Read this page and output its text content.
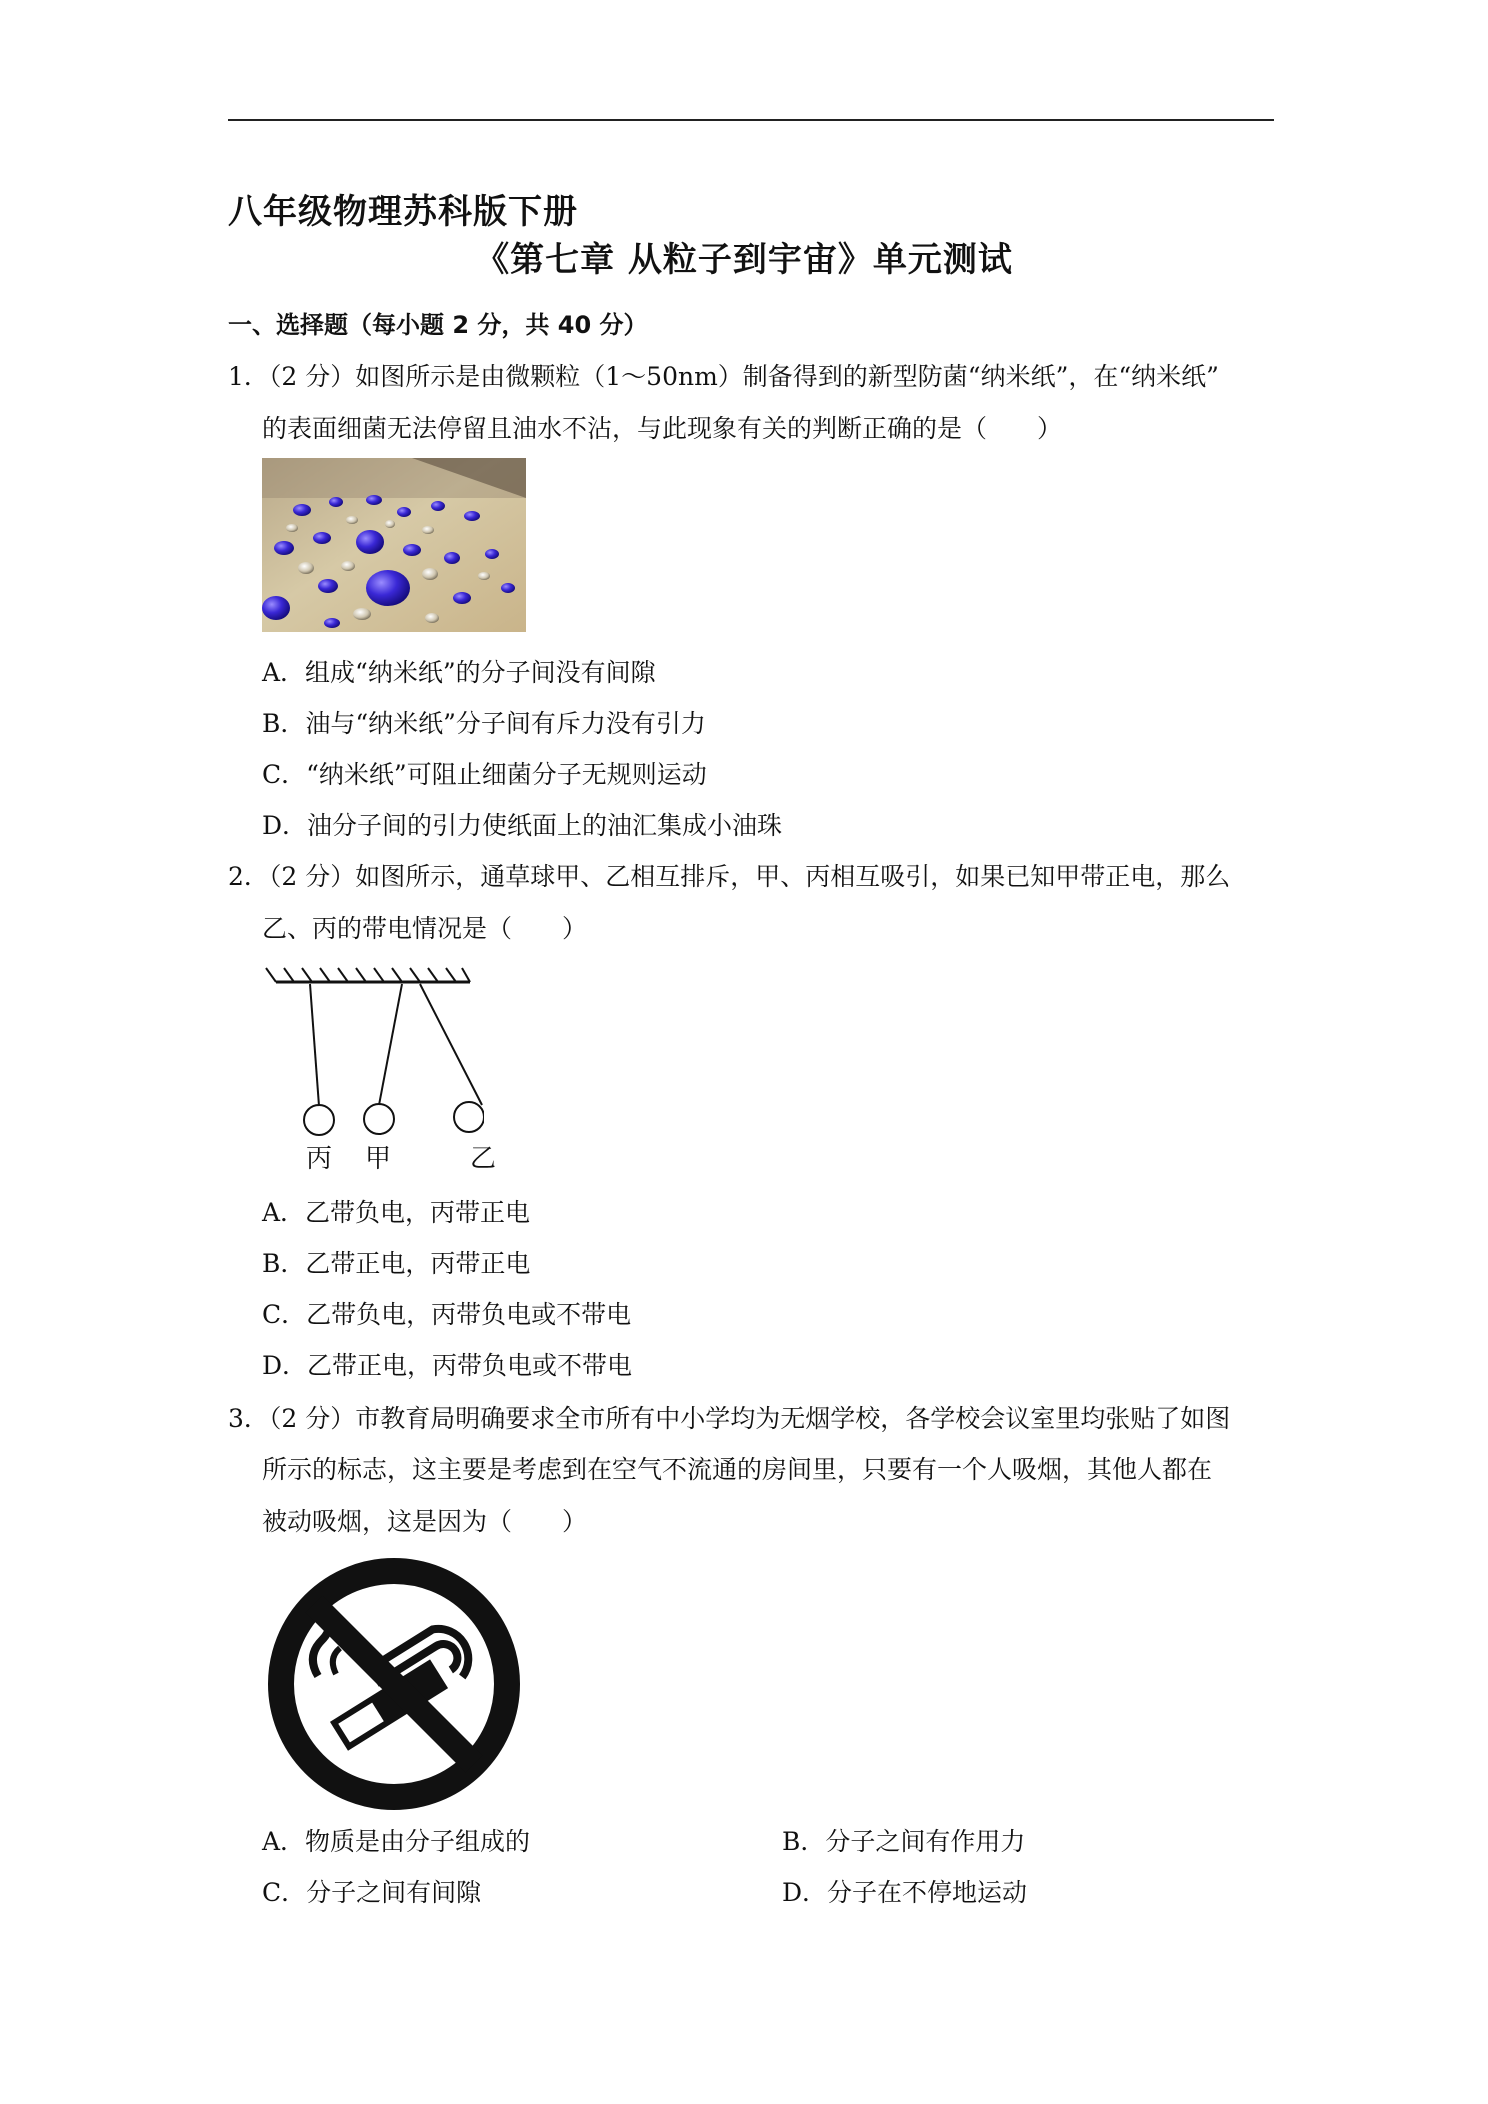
八年级物理苏科版下册
《第七章 从粒子到宇宙》单元测试
一、选择题（每小题 2 分，共 40 分）
1．（2 分）如图所示是由微颗粒（1～50nm）制备得到的新型防菌“纳米纸”，在“纳米纸”
的表面细菌无法停留且油水不沾，与此现象有关的判断正确的是（　　）
A．组成“纳米纸”的分子间没有间隙
B．油与“纳米纸”分子间有斥力没有引力
C．“纳米纸”可阻止细菌分子无规则运动
D．油分子间的引力使纸面上的油汇集成小油珠
2．（2 分）如图所示，通草球甲、乙相互排斥，甲、丙相互吸引，如果已知甲带正电，那么
乙、丙的带电情况是（　　）
丙 甲	乙
A．乙带负电，丙带正电
B．乙带正电，丙带正电
C．乙带负电，丙带负电或不带电
D．乙带正电，丙带负电或不带电
3．（2 分）市教育局明确要求全市所有中小学均为无烟学校，各学校会议室里均张贴了如图
所示的标志，这主要是考虑到在空气不流通的房间里，只要有一个人吸烟，其他人都在
被动吸烟，这是因为（　　）
A．物质是由分子组成的	B．分子之间有作用力
C．分子之间有间隙	D．分子在不停地运动
